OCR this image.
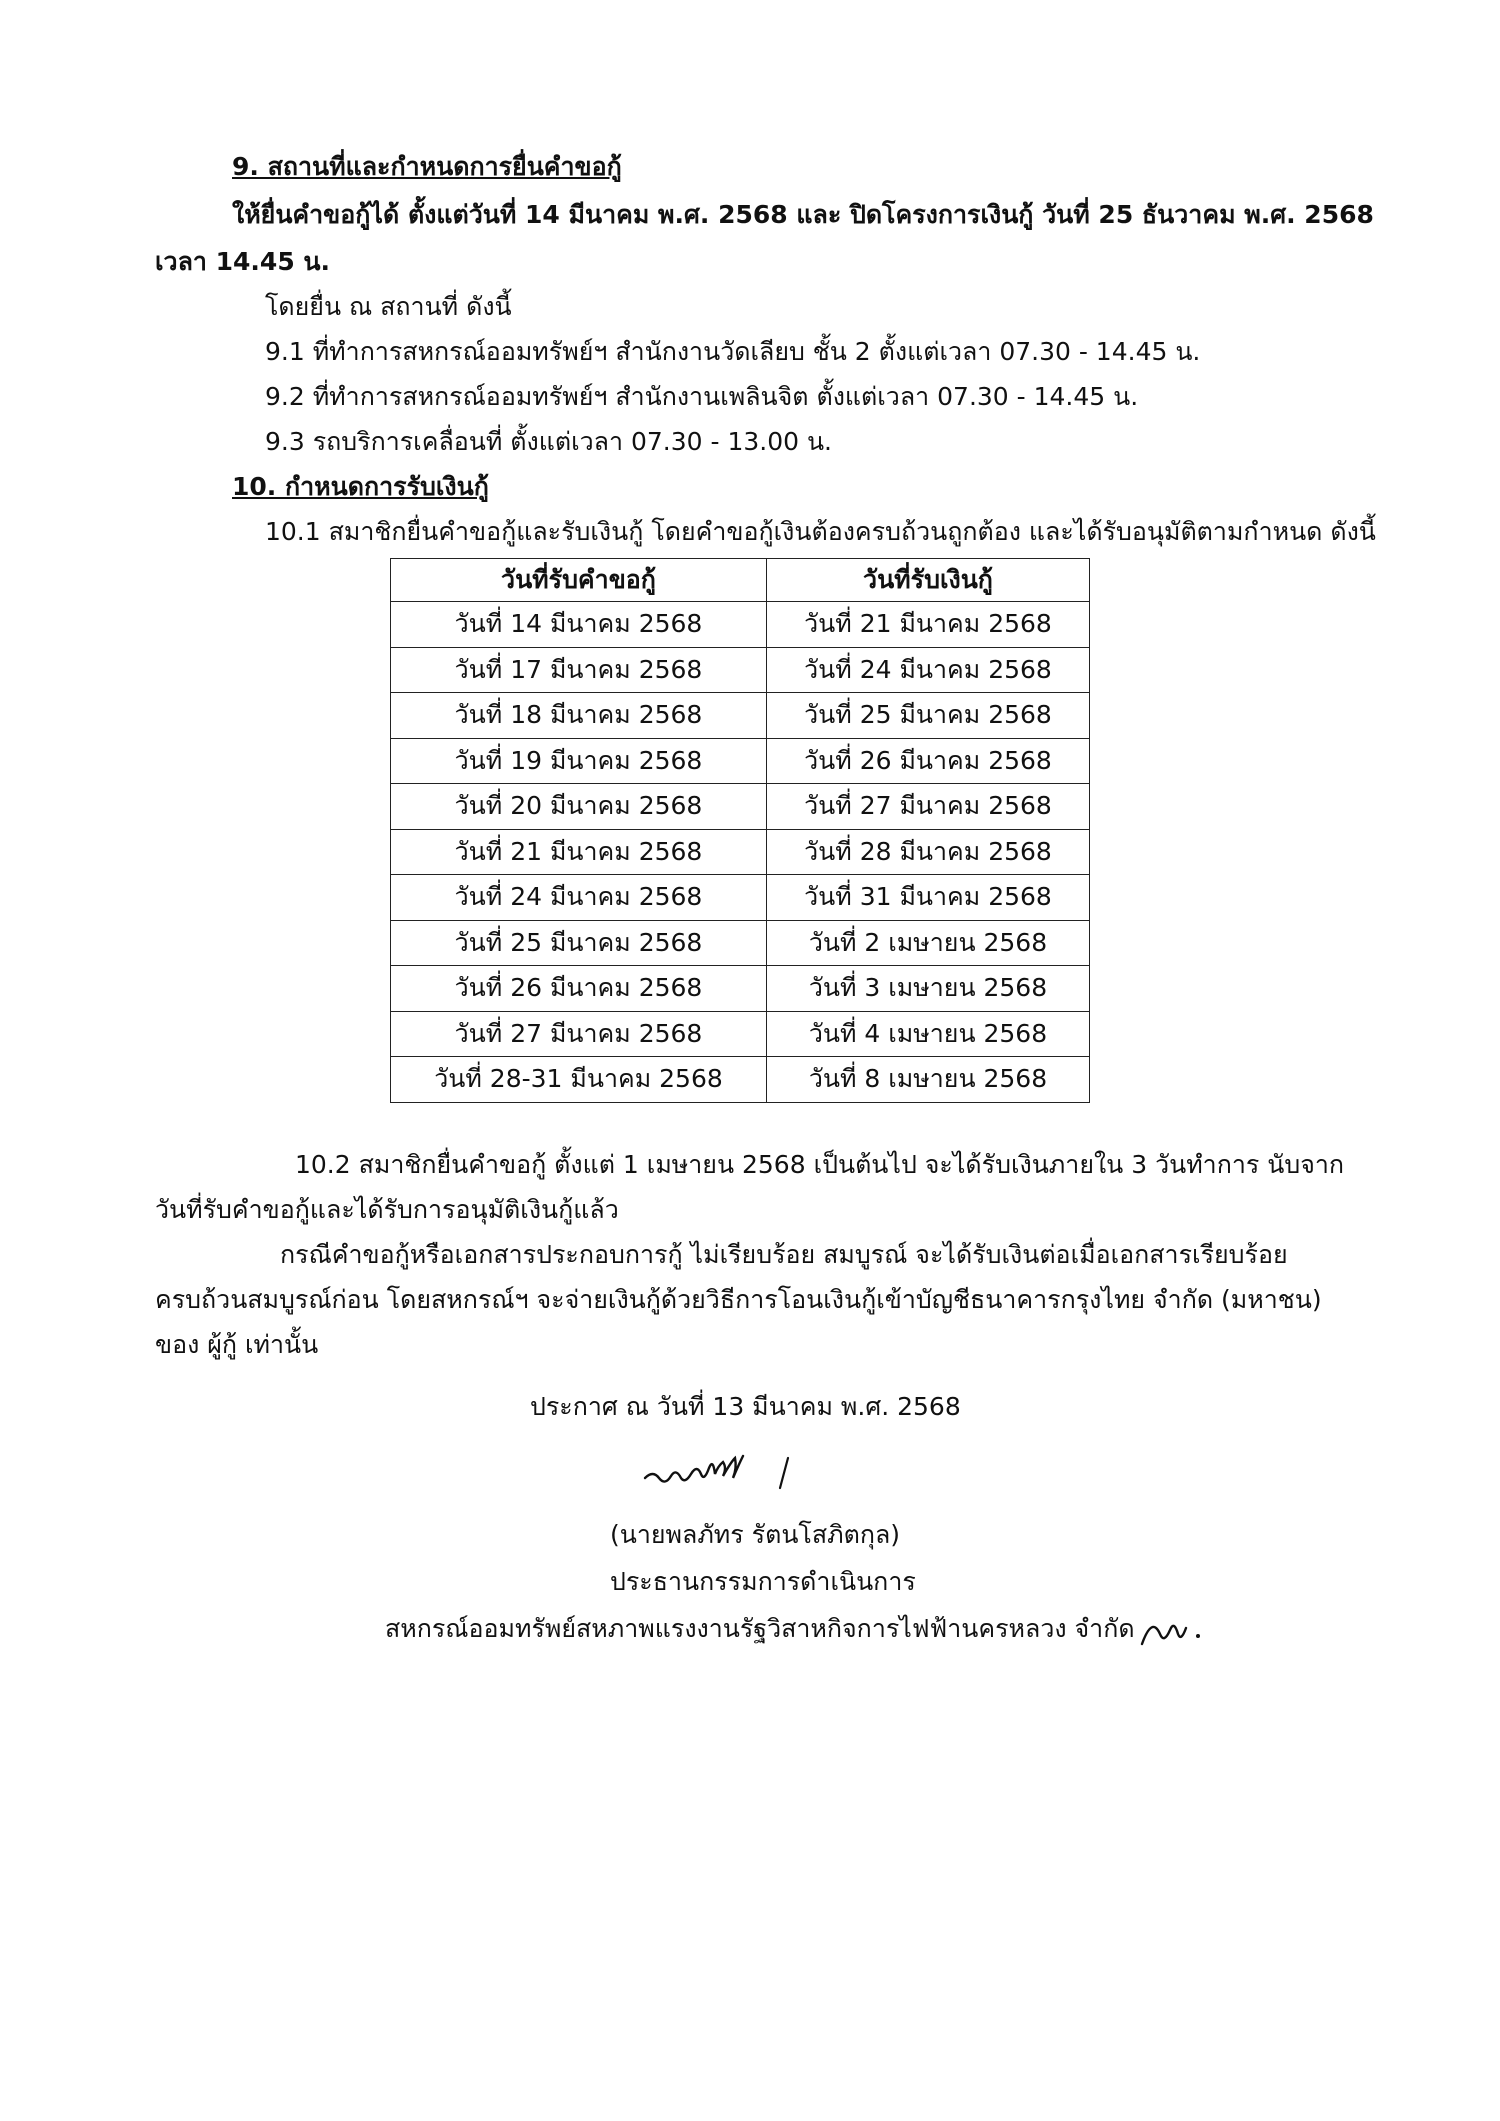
9. สถานที่และกำหนดการยื่นคำขอกู้
ให้ยื่นคำขอกู้ได้ ตั้งแต่วันที่ 14 มีนาคม พ.ศ. 2568 และ ปิดโครงการเงินกู้ วันที่ 25 ธันวาคม พ.ศ. 2568
เวลา 14.45 น.
โดยยื่น ณ สถานที่ ดังนี้
9.1 ที่ทำการสหกรณ์ออมทรัพย์ฯ สำนักงานวัดเลียบ ชั้น 2 ตั้งแต่เวลา 07.30 - 14.45 น.
9.2 ที่ทำการสหกรณ์ออมทรัพย์ฯ สำนักงานเพลินจิต ตั้งแต่เวลา 07.30 - 14.45 น.
9.3 รถบริการเคลื่อนที่ ตั้งแต่เวลา 07.30 - 13.00 น.
10. กำหนดการรับเงินกู้
10.1 สมาชิกยื่นคำขอกู้และรับเงินกู้ โดยคำขอกู้เงินต้องครบถ้วนถูกต้อง และได้รับอนุมัติตามกำหนด ดังนี้
วันที่รับคำขอกู้	วันที่รับเงินกู้
วันที่ 14 มีนาคม 2568	วันที่ 21 มีนาคม 2568
วันที่ 17 มีนาคม 2568	วันที่ 24 มีนาคม 2568
วันที่ 18 มีนาคม 2568	วันที่ 25 มีนาคม 2568
วันที่ 19 มีนาคม 2568	วันที่ 26 มีนาคม 2568
วันที่ 20 มีนาคม 2568	วันที่ 27 มีนาคม 2568
วันที่ 21 มีนาคม 2568	วันที่ 28 มีนาคม 2568
วันที่ 24 มีนาคม 2568	วันที่ 31 มีนาคม 2568
วันที่ 25 มีนาคม 2568	วันที่ 2 เมษายน 2568
วันที่ 26 มีนาคม 2568	วันที่ 3 เมษายน 2568
วันที่ 27 มีนาคม 2568	วันที่ 4 เมษายน 2568
วันที่ 28-31 มีนาคม 2568	วันที่ 8 เมษายน 2568
10.2 สมาชิกยื่นคำขอกู้ ตั้งแต่ 1 เมษายน 2568 เป็นต้นไป จะได้รับเงินภายใน 3 วันทำการ นับจาก
วันที่รับคำขอกู้และได้รับการอนุมัติเงินกู้แล้ว
กรณีคำขอกู้หรือเอกสารประกอบการกู้ ไม่เรียบร้อย สมบูรณ์ จะได้รับเงินต่อเมื่อเอกสารเรียบร้อย
ครบถ้วนสมบูรณ์ก่อน โดยสหกรณ์ฯ จะจ่ายเงินกู้ด้วยวิธีการโอนเงินกู้เข้าบัญชีธนาคารกรุงไทย จำกัด (มหาชน)
ของ ผู้กู้ เท่านั้น
ประกาศ ณ วันที่ 13 มีนาคม พ.ศ. 2568
(นายพลภัทร รัตนโสภิตกุล)
ประธานกรรมการดำเนินการ
สหกรณ์ออมทรัพย์สหภาพแรงงานรัฐวิสาหกิจการไฟฟ้านครหลวง จำกัด
